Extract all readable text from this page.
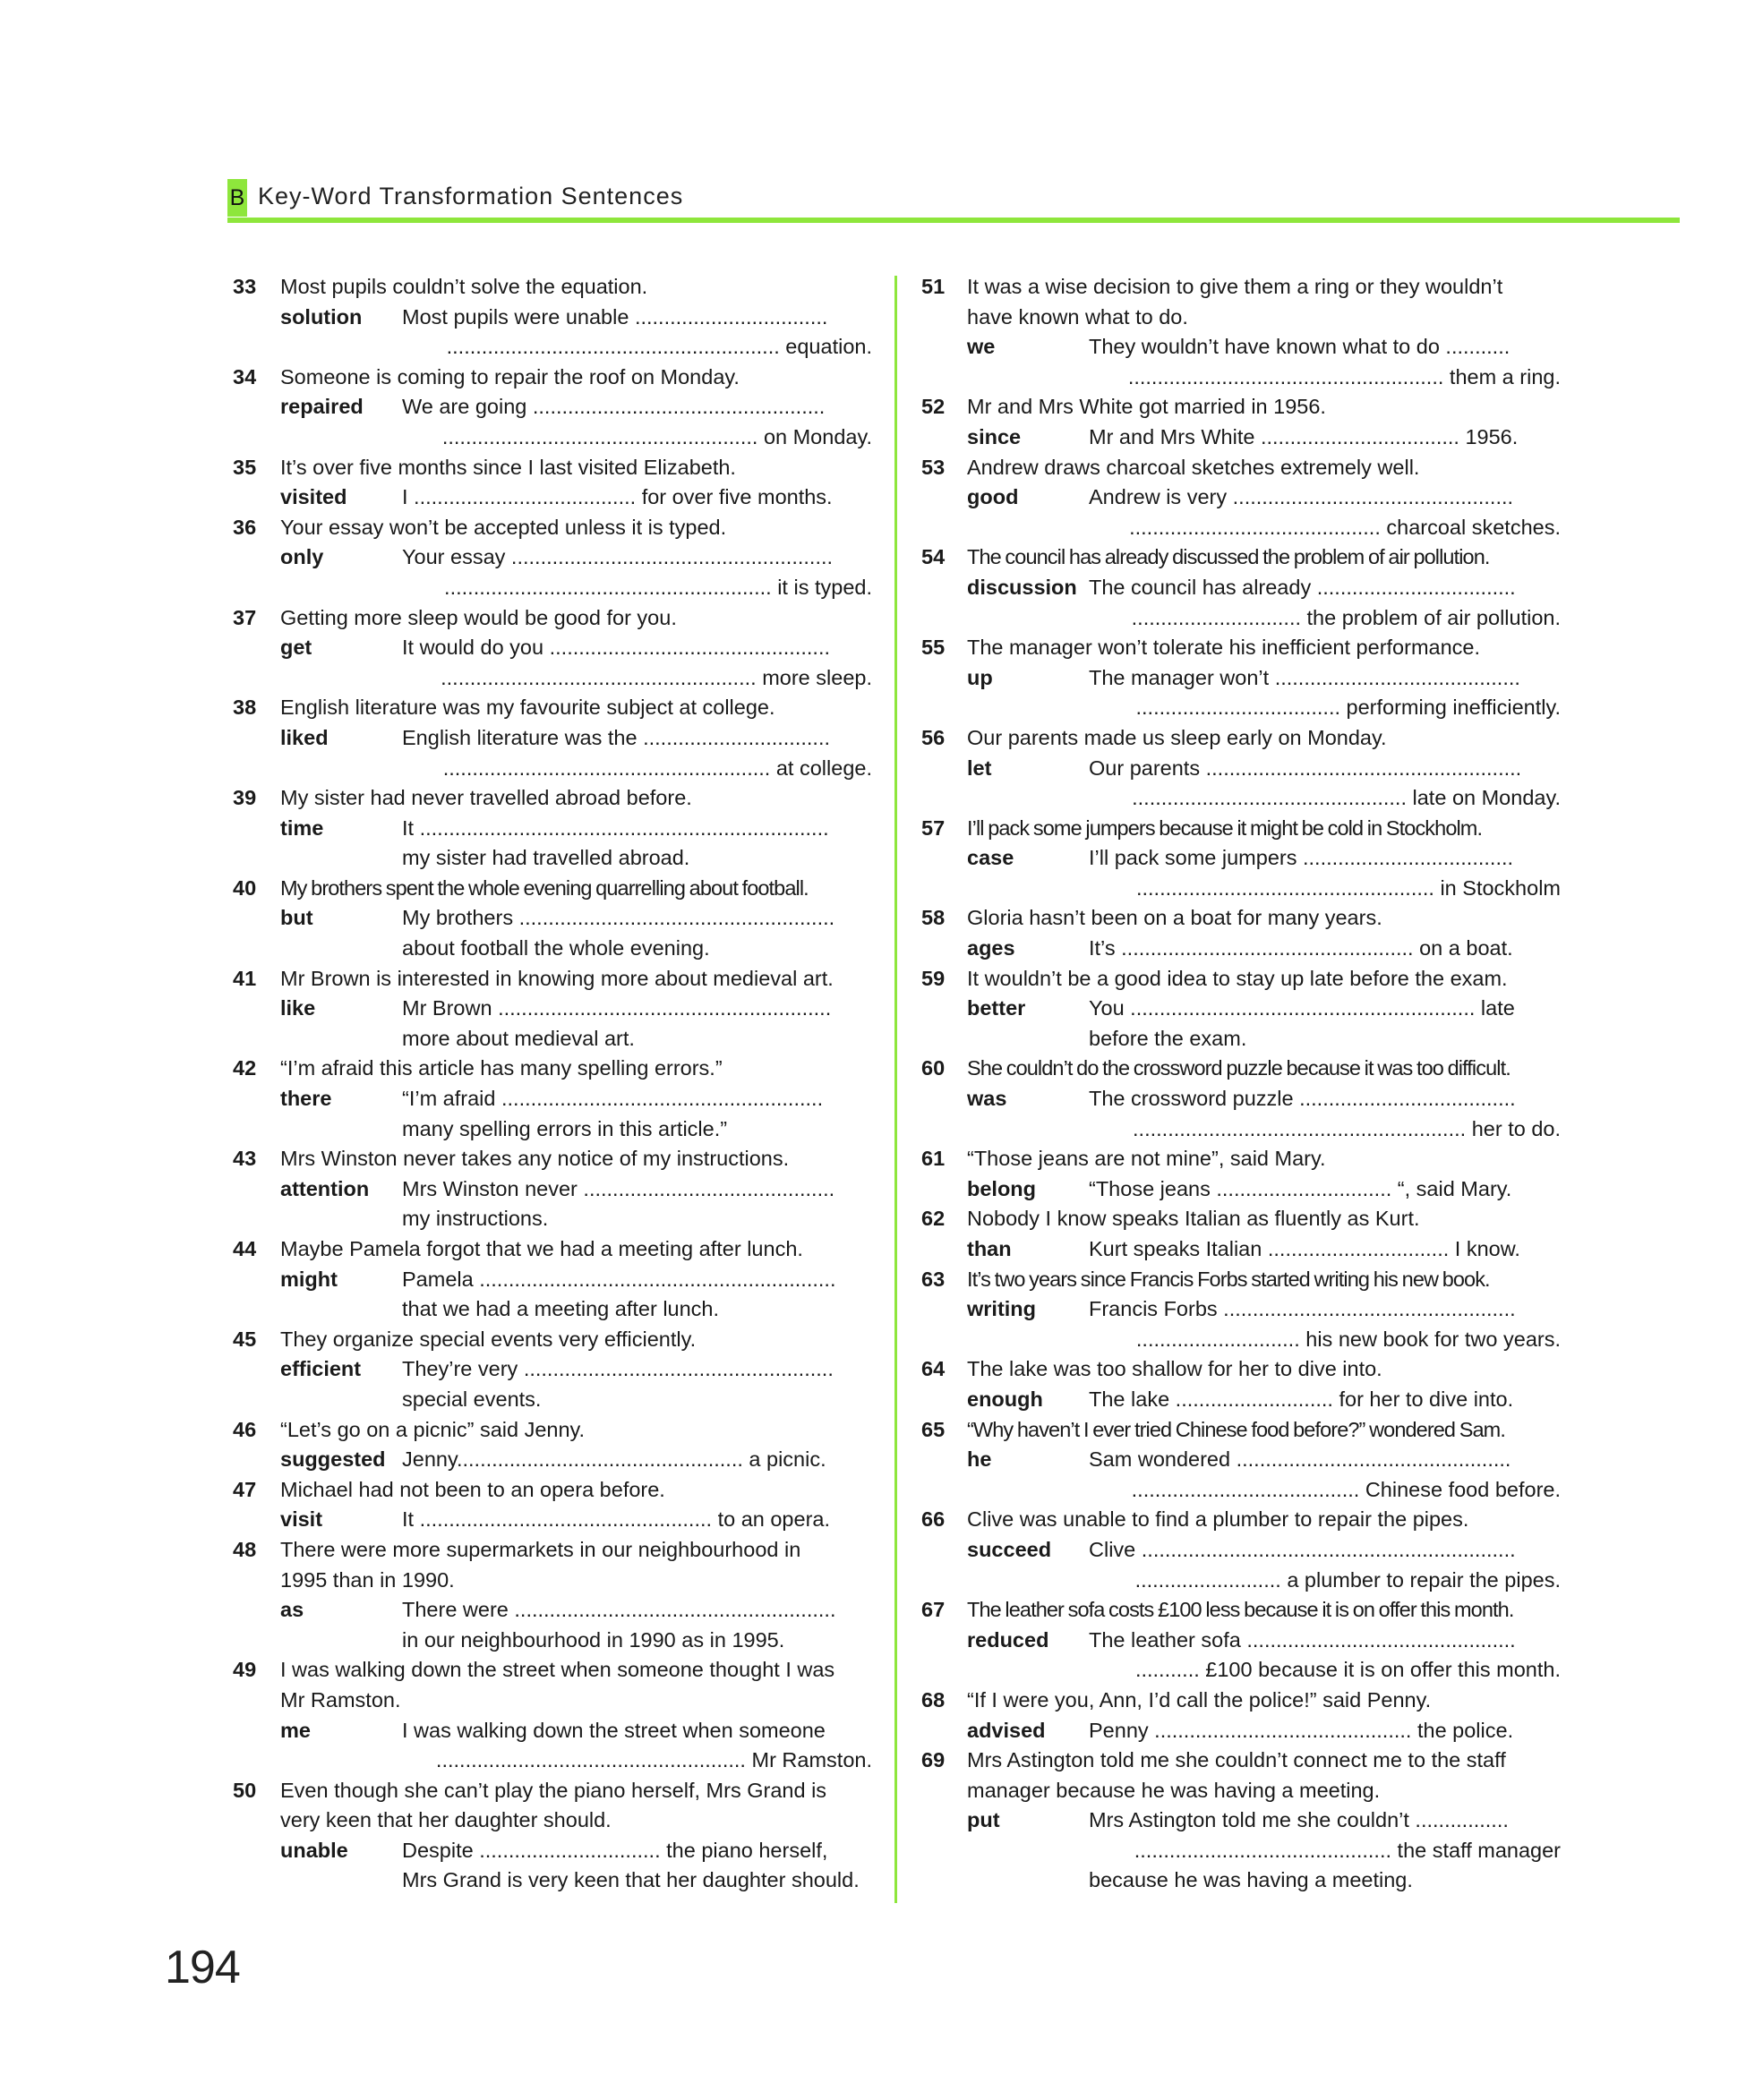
B Key-Word Transformation Sentences
33 Most pupils couldn’t solve the equation.
solution Most pupils were unable .................................
......................................................... equation.
34 Someone is coming to repair the roof on Monday.
repaired We are going ..................................................
...................................................... on Monday.
35 It’s over five months since I last visited Elizabeth.
visited	I ...................................... for over five months.
36 Your essay won’t be accepted unless it is typed.
only	Your essay .......................................................
........................................................ it is typed.
37 Getting more sleep would be good for you.
get	It would do you ................................................
...................................................... more sleep.
38 English literature was my favourite subject at college.
liked	English literature was the ................................
........................................................ at college.
39 My sister had never travelled abroad before.
time	It ......................................................................
my sister had travelled abroad.
40 My brothers spent the whole evening quarrelling about football.
but	My brothers ......................................................
about football the whole evening.
41 Mr Brown is interested in knowing more about medieval art.
like	Mr Brown .........................................................
more about medieval art.
42 “I’m afraid this article has many spelling errors.”
there	“I’m afraid .......................................................
many spelling errors in this article.”
43 Mrs Winston never takes any notice of my instructions.
attention Mrs Winston never ...........................................
my instructions.
44 Maybe Pamela forgot that we had a meeting after lunch.
might	Pamela .............................................................
that we had a meeting after lunch.
45 They organize special events very efficiently.
efficient They’re very .....................................................
special events.
46 “Let’s go on a picnic” said Jenny.
suggested Jenny................................................. a picnic.
47 Michael had not been to an opera before.
visit	It .................................................. to an opera.
48 There were more supermarkets in our neighbourhood in
1995 than in 1990.
as	There were .......................................................
in our neighbourhood in 1990 as in 1995.
49 I was walking down the street when someone thought I was
Mr Ramston.
me	I was walking down the street when someone
..................................................... Mr Ramston.
50 Even though she can’t play the piano herself, Mrs Grand is
very keen that her daughter should.
unable	Despite ............................... the piano herself,
Mrs Grand is very keen that her daughter should.
51 It was a wise decision to give them a ring or they wouldn’t
have known what to do.
we	They wouldn’t have known what to do ...........
...................................................... them a ring.
52 Mr and Mrs White got married in 1956.
since	Mr and Mrs White .................................. 1956.
53 Andrew draws charcoal sketches extremely well.
good	Andrew is very ................................................
........................................... charcoal sketches.
54 The council has already discussed the problem of air pollution.
discussion The council has already ..................................
............................. the problem of air pollution.
55 The manager won’t tolerate his inefficient performance.
up	The manager won’t ..........................................
................................... performing inefficiently.
56 Our parents made us sleep early on Monday.
let	Our parents ......................................................
............................................... late on Monday.
57 I’ll pack some jumpers because it might be cold in Stockholm.
case	I’ll pack some jumpers ....................................
................................................... in Stockholm
58 Gloria hasn’t been on a boat for many years.
ages	It’s .................................................. on a boat.
59 It wouldn’t be a good idea to stay up late before the exam.
better	You ........................................................... late
before the exam.
60 She couldn’t do the crossword puzzle because it was too difficult.
was	The crossword puzzle .....................................
......................................................... her to do.
61 “Those jeans are not mine”, said Mary.
belong	“Those jeans .............................. “, said Mary.
62 Nobody I know speaks Italian as fluently as Kurt.
than	Kurt speaks Italian ............................... I know.
63 It’s two years since Francis Forbs started writing his new book.
writing	Francis Forbs ..................................................
............................ his new book for two years.
64 The lake was too shallow for her to dive into.
enough The lake ........................... for her to dive into.
65 “Why haven’t I ever tried Chinese food before?” wondered Sam.
he	Sam wondered ...............................................
....................................... Chinese food before.
66 Clive was unable to find a plumber to repair the pipes.
succeed Clive ................................................................
......................... a plumber to repair the pipes.
67 The leather sofa costs £100 less because it is on offer this month.
reduced The leather sofa ..............................................
........... £100 because it is on offer this month.
68 “If I were you, Ann, I’d call the police!” said Penny.
advised Penny ............................................ the police.
69 Mrs Astington told me she couldn’t connect me to the staff
manager because he was having a meeting.
put	Mrs Astington told me she couldn’t ................
............................................ the staff manager
because he was having a meeting.
194
